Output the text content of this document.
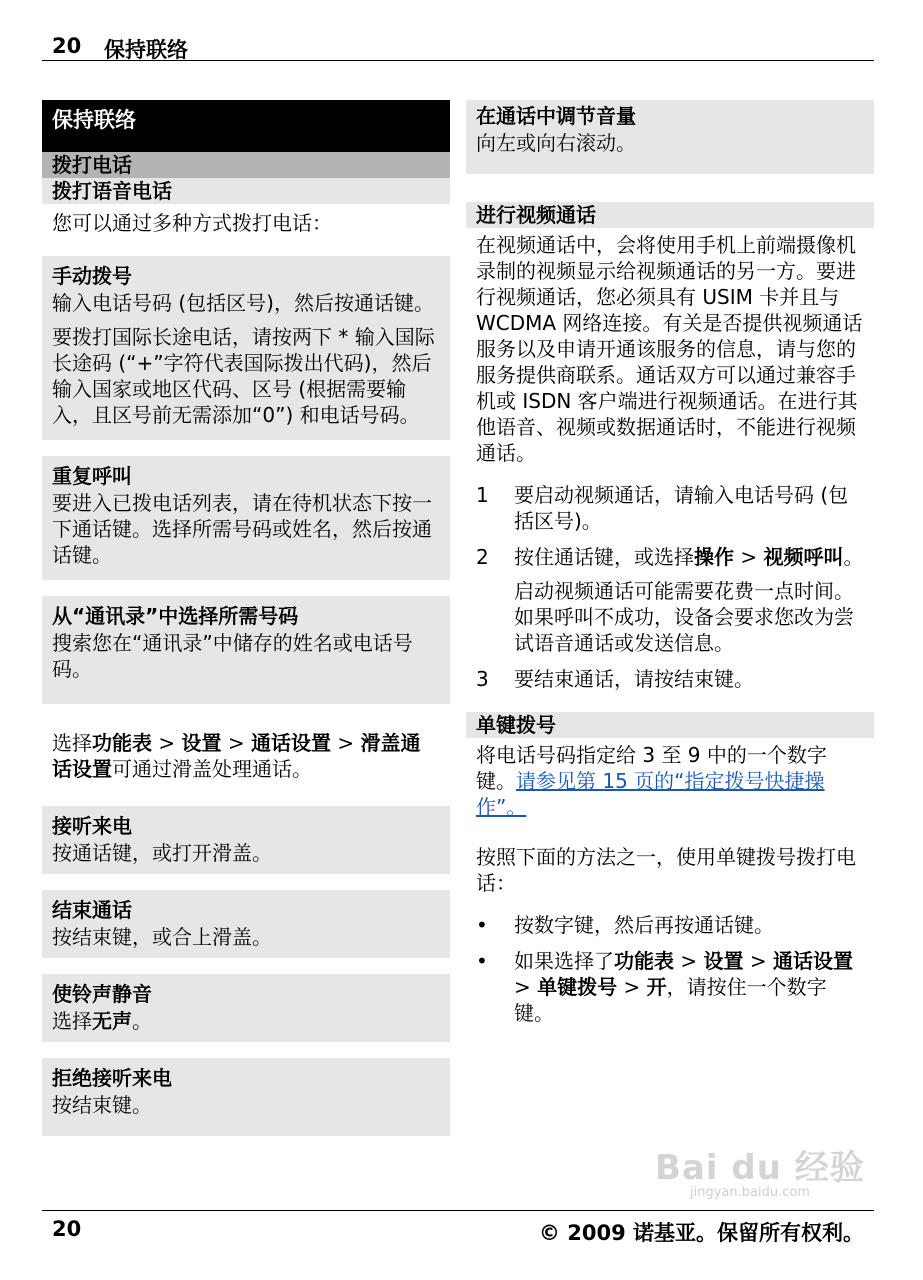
20 保持联络
保持联络
拨打电话
拨打语音电话
您可以通过多种方式拨打电话：
手动拨号
输入电话号码 (包括区号)，然后按通话键。
要拨打国际长途电话，请按两下 * 输入国际长途码 (“+”字符代表国际拨出代码)，然后输入国家或地区代码、区号 (根据需要输入，且区号前无需添加“0”) 和电话号码。
重复呼叫
要进入已拨电话列表，请在待机状态下按一下通话键。选择所需号码或姓名，然后按通话键。
从“通讯录”中选择所需号码
搜索您在“通讯录”中储存的姓名或电话号码。
选择功能表 > 设置 > 通话设置 > 滑盖通话设置可通过滑盖处理通话。
接听来电
按通话键，或打开滑盖。
结束通话
按结束键，或合上滑盖。
使铃声静音
选择无声。
拒绝接听来电
按结束键。
在通话中调节音量
向左或向右滚动。
进行视频通话
在视频通话中，会将使用手机上前端摄像机录制的视频显示给视频通话的另一方。要进行视频通话，您必须具有 USIM 卡并且与 WCDMA 网络连接。有关是否提供视频通话服务以及申请开通该服务的信息，请与您的服务提供商联系。通话双方可以通过兼容手机或 ISDN 客户端进行视频通话。在进行其他语音、视频或数据通话时，不能进行视频通话。
1 要启动视频通话，请输入电话号码 (包括区号)。
2 按住通话键，或选择操作 > 视频呼叫。
启动视频通话可能需要花费一点时间。如果呼叫不成功，设备会要求您改为尝试语音通话或发送信息。
3 要结束通话，请按结束键。
单键拨号
将电话号码指定给 3 至 9 中的一个数字键。请参见第 15 页的“指定拨号快捷操作”。
按照下面的方法之一，使用单键拨号拨打电话：
• 按数字键，然后再按通话键。
• 如果选择了功能表 > 设置 > 通话设置 > 单键拨号 > 开，请按住一个数字键。
Bai du 经验
jingyan.baidu.com
20	© 2009 诺基亚。保留所有权利。
